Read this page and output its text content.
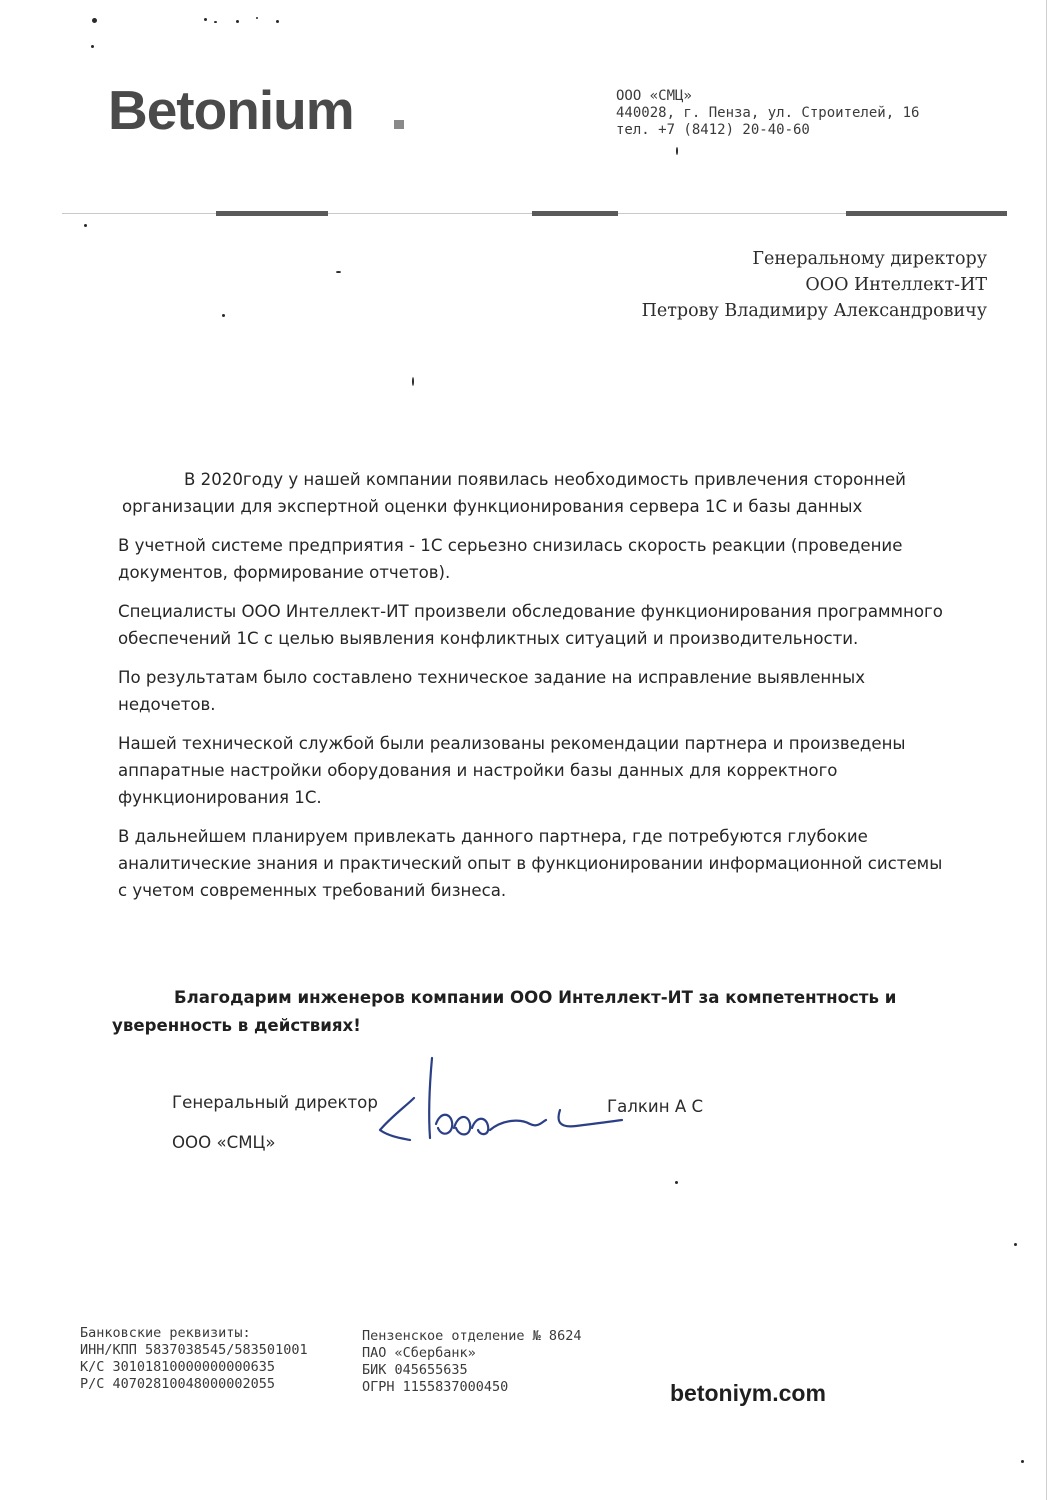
Betonium	ООО «СМЦ»
440028, г. Пенза, ул. Строителей, 16
тел. +7 (8412) 20-40-60
Генеральному директору
ООО Интеллект-ИТ
Петрову Владимиру Александровичу
В 2020году у нашей компании появилась необходимость привлечения сторонней
организации для экспертной оценки функционирования сервера 1С и базы данных
В учетной системе предприятия - 1С серьезно снизилась скорость реакции (проведение
документов, формирование отчетов).
Специалисты ООО Интеллект-ИТ произвели обследование функционирования программного
обеспечений 1С с целью выявления конфликтных ситуаций и производительности.
По результатам было составлено техническое задание на исправление выявленных
недочетов.
Нашей технической службой были реализованы рекомендации партнера и произведены
аппаратные настройки оборудования и настройки базы данных для корректного
функционирования 1С.
В дальнейшем планируем привлекать данного партнера, где потребуются глубокие
аналитические знания и практический опыт в функционировании информационной системы
с учетом современных требований бизнеса.
Благодарим инженеров компании ООО Интеллект-ИТ за компетентность и
уверенность в действиях!
Генеральный директор
ООО «СМЦ»
Галкин А С
Банковские реквизиты:
ИНН/КПП 5837038545/583501001
К/С 30101810000000000635
Р/С 40702810048000002055
Пензенское отделение № 8624
ПАО «Сбербанк»
БИК 045655635
ОГРН 1155837000450	betoniym.com
